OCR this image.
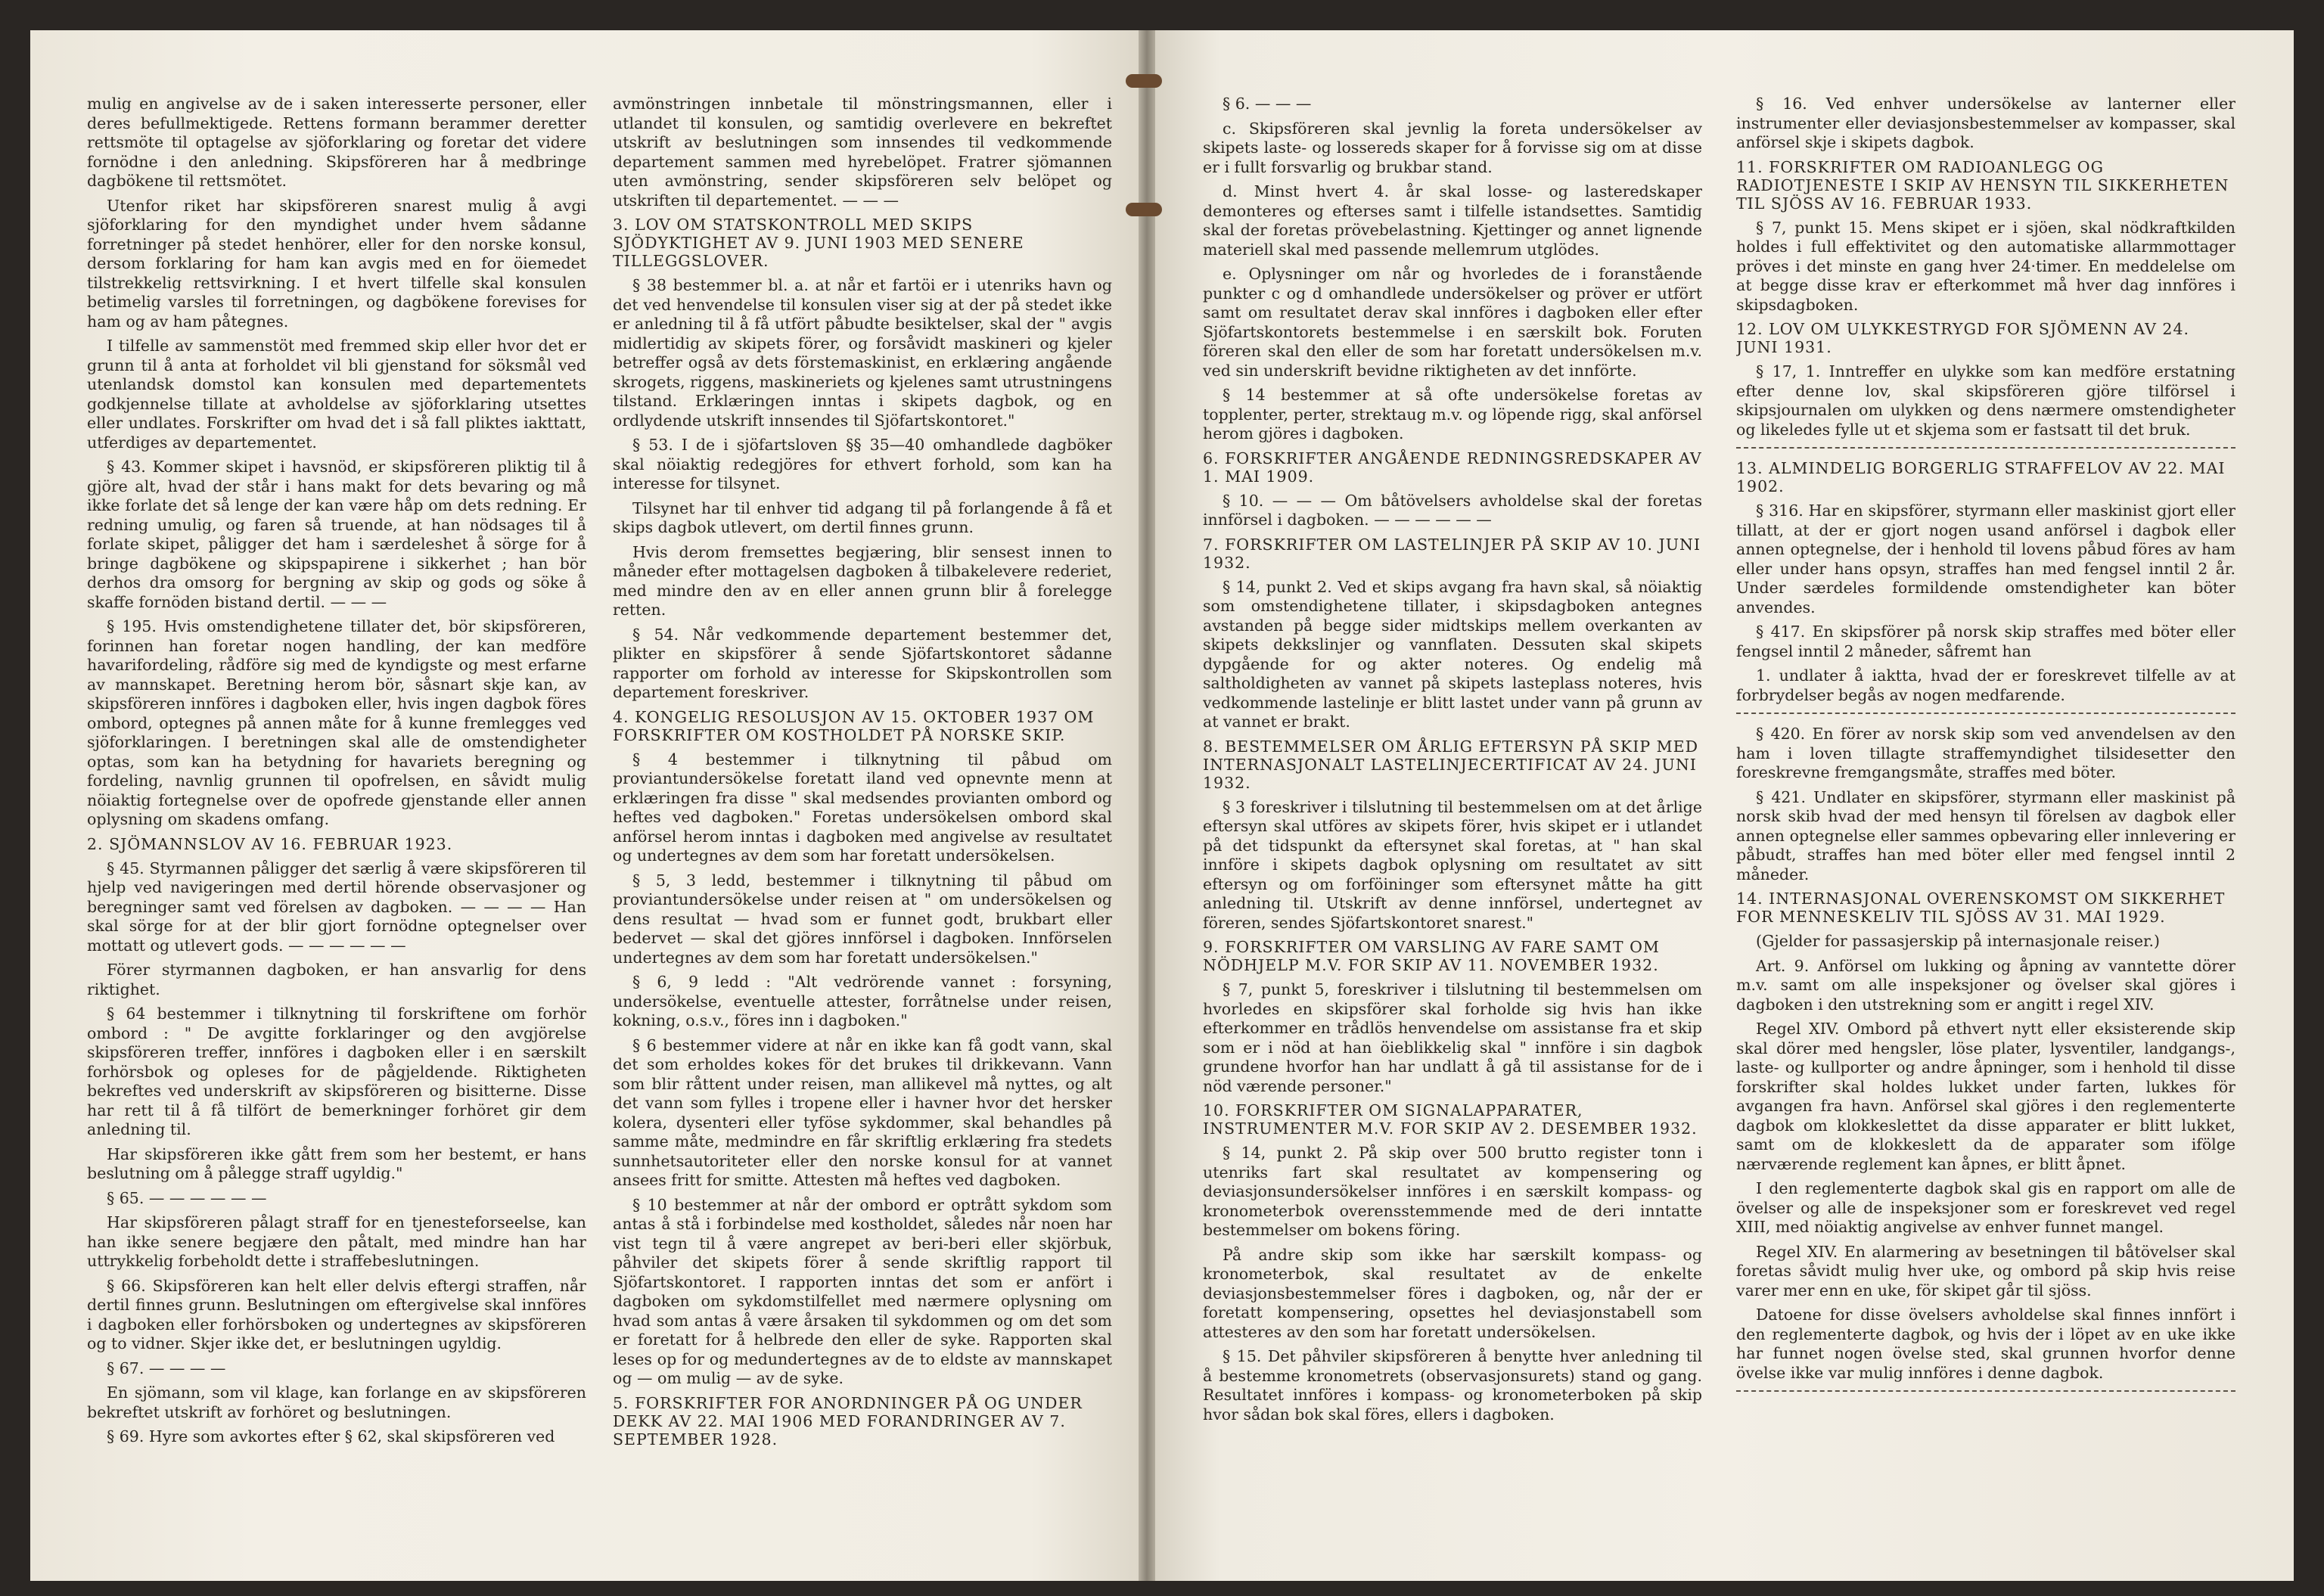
mulig en angivelse av de i saken interesserte personer, eller deres befullmektigede. Rettens formann berammer deretter rettsmöte til optagelse av sjöforklaring og foretar det videre fornödne i den anledning. Skipsföreren har å medbringe dagbökene til rettsmötet.

Utenfor riket har skipsföreren snarest mulig å avgi sjöforklaring for den myndighet under hvem sådanne forretninger på stedet henhörer, eller for den norske konsul, dersom forklaring for ham kan avgis med en for öiemedet tilstrekkelig rettsvirkning. I et hvert tilfelle skal konsulen betimelig varsles til forretningen, og dagbökene forevises for ham og av ham påtegnes.

I tilfelle av sammenstöt med fremmed skip eller hvor det er grunn til å anta at forholdet vil bli gjenstand for söksmål ved utenlandsk domstol kan konsulen med departementets godkjennelse tillate at avholdelse av sjöforklaring utsettes eller undlates. Forskrifter om hvad det i så fall pliktes iakttatt, utferdiges av departementet.

§ 43. Kommer skipet i havsnöd, er skipsföreren pliktig til å gjöre alt, hvad der står i hans makt for dets bevaring og må ikke forlate det så lenge der kan være håp om dets redning. Er redning umulig, og faren så truende, at han nödsages til å forlate skipet, påligger det ham i særdeleshet å sörge for å bringe dagbökene og skipspapirene i sikkerhet ; han bör derhos dra omsorg for bergning av skip og gods og söke å skaffe fornöden bistand dertil. — — —

§ 195. Hvis omstendighetene tillater det, bör skipsföreren, forinnen han foretar nogen handling, der kan medföre havarifordeling, rådföre sig med de kyndigste og mest erfarne av mannskapet. Beretning herom bör, såsnart skje kan, av skipsföreren innföres i dagboken eller, hvis ingen dagbok föres ombord, optegnes på annen måte for å kunne fremlegges ved sjöforklaringen. I beretningen skal alle de omstendigheter optas, som kan ha betydning for havariets beregning og fordeling, navnlig grunnen til opofrelsen, en såvidt mulig nöiaktig fortegnelse over de opofrede gjenstande eller annen oplysning om skadens omfang.

2. SJÖMANNSLOV AV 16. FEBRUAR 1923.

§ 45. Styrmannen påligger det særlig å være skipsföreren til hjelp ved navigeringen med dertil hörende observasjoner og beregninger samt ved förelsen av dagboken. — — — — Han skal sörge for at der blir gjort fornödne optegnelser over mottatt og utlevert gods. — — — — — —

Förer styrmannen dagboken, er han ansvarlig for dens riktighet.

§ 64 bestemmer i tilknytning til forskriftene om forhör ombord : " De avgitte forklaringer og den avgjörelse skipsföreren treffer, innföres i dagboken eller i en særskilt forhörsbok og opleses for de pågjeldende. Riktigheten bekreftes ved underskrift av skipsföreren og bisitterne. Disse har rett til å få tilfört de bemerkninger forhöret gir dem anledning til.

Har skipsföreren ikke gått frem som her bestemt, er hans beslutning om å pålegge straff ugyldig."

§ 65. — — — — — —

Har skipsföreren pålagt straff for en tjenesteforseelse, kan han ikke senere begjære den påtalt, med mindre han har uttrykkelig forbeholdt dette i straffebeslutningen.

§ 66. Skipsföreren kan helt eller delvis eftergi straffen, når dertil finnes grunn. Beslutningen om eftergivelse skal innföres i dagboken eller forhörsboken og undertegnes av skipsföreren og to vidner. Skjer ikke det, er beslutningen ugyldig.

§ 67. — — — —

En sjömann, som vil klage, kan forlange en av skipsföreren bekreftet utskrift av forhöret og beslutningen.

§ 69. Hyre som avkortes efter § 62, skal skipsföreren ved

avmönstringen innbetale til mönstringsmannen, eller i utlandet til konsulen, og samtidig overlevere en bekreftet utskrift av beslutningen som innsendes til vedkommende departement sammen med hyrebelöpet. Fratrer sjömannen uten avmönstring, sender skipsföreren selv belöpet og utskriften til departementet. — — —

3. LOV OM STATSKONTROLL MED SKIPS SJÖDYKTIGHET AV 9. JUNI 1903 MED SENERE TILLEGGSLOVER.

§ 38 bestemmer bl. a. at når et fartöi er i utenriks havn og det ved henvendelse til konsulen viser sig at der på stedet ikke er anledning til å få utfört påbudte besiktelser, skal der " avgis midlertidig av skipets förer, og forsåvidt maskineri og kjeler betreffer også av dets förstemaskinist, en erklæring angående skrogets, riggens, maskineriets og kjelenes samt utrustningens tilstand. Erklæringen inntas i skipets dagbok, og en ordlydende utskrift innsendes til Sjöfartskontoret."

§ 53. I de i sjöfartsloven §§ 35—40 omhandlede dagböker skal nöiaktig redegjöres for ethvert forhold, som kan ha interesse for tilsynet.

Tilsynet har til enhver tid adgang til på forlangende å få et skips dagbok utlevert, om dertil finnes grunn.

Hvis derom fremsettes begjæring, blir sensest innen to måneder efter mottagelsen dagboken å tilbakelevere rederiet, med mindre den av en eller annen grunn blir å forelegge retten.

§ 54. Når vedkommende departement bestemmer det, plikter en skipsförer å sende Sjöfartskontoret sådanne rapporter om forhold av interesse for Skipskontrollen som departement foreskriver.

4. KONGELIG RESOLUSJON AV 15. OKTOBER 1937 OM FORSKRIFTER OM KOSTHOLDET PÅ NORSKE SKIP.

§ 4 bestemmer i tilknytning til påbud om proviantundersökelse foretatt iland ved opnevnte menn at erklæringen fra disse " skal medsendes provianten ombord og heftes ved dagboken." Foretas undersökelsen ombord skal anförsel herom inntas i dagboken med angivelse av resultatet og undertegnes av dem som har foretatt undersökelsen.

§ 5, 3 ledd, bestemmer i tilknytning til påbud om proviantundersökelse under reisen at " om undersökelsen og dens resultat — hvad som er funnet godt, brukbart eller bedervet — skal det gjöres innförsel i dagboken. Innförselen undertegnes av dem som har foretatt undersökelsen."

§ 6, 9 ledd : "Alt vedrörende vannet : forsyning, undersökelse, eventuelle attester, forråtnelse under reisen, kokning, o.s.v., föres inn i dagboken."

§ 6 bestemmer videre at når en ikke kan få godt vann, skal det som erholdes kokes för det brukes til drikkevann. Vann som blir råttent under reisen, man allikevel må nyttes, og alt det vann som fylles i tropene eller i havner hvor det hersker kolera, dysenteri eller tyföse sykdommer, skal behandles på samme måte, medmindre en får skriftlig erklæring fra stedets sunnhetsautoriteter eller den norske konsul for at vannet ansees fritt for smitte. Attesten må heftes ved dagboken.

§ 10 bestemmer at når der ombord er optrått sykdom som antas å stå i forbindelse med kostholdet, således når noen har vist tegn til å være angrepet av beri-beri eller skjörbuk, påhviler det skipets förer å sende skriftlig rapport til Sjöfartskontoret. I rapporten inntas det som er anfört i dagboken om sykdomstilfellet med nærmere oplysning om hvad som antas å være årsaken til sykdommen og om det som er foretatt for å helbrede den eller de syke. Rapporten skal leses op for og medundertegnes av de to eldste av mannskapet og — om mulig — av de syke.

5. FORSKRIFTER FOR ANORDNINGER PÅ OG UNDER DEKK AV 22. MAI 1906 MED FORANDRINGER AV 7. SEPTEMBER 1928.

§ 6. — — —

c. Skipsföreren skal jevnlig la foreta undersökelser av skipets laste- og lossereds skaper for å forvisse sig om at disse er i fullt forsvarlig og brukbar stand.

d. Minst hvert 4. år skal losse- og lasteredskaper demonteres og efterses samt i tilfelle istandsettes. Samtidig skal der foretas prövebelastning. Kjettinger og annet lignende materiell skal med passende mellemrum utglödes.

e. Oplysninger om når og hvorledes de i foranstående punkter c og d omhandlede undersökelser og pröver er utfört samt om resultatet derav skal innföres i dagboken eller efter Sjöfartskontorets bestemmelse i en særskilt bok. Foruten föreren skal den eller de som har foretatt undersökelsen m.v. ved sin underskrift bevidne riktigheten av det innförte.

§ 14 bestemmer at så ofte undersökelse foretas av topplenter, perter, strektaug m.v. og löpende rigg, skal anförsel herom gjöres i dagboken.

6. FORSKRIFTER ANGÅENDE REDNINGSREDSKAPER AV 1. MAI 1909.

§ 10. — — — Om båtövelsers avholdelse skal der foretas innförsel i dagboken. — — — — — —

7. FORSKRIFTER OM LASTELINJER PÅ SKIP AV 10. JUNI 1932.

§ 14, punkt 2. Ved et skips avgang fra havn skal, så nöiaktig som omstendighetene tillater, i skipsdagboken antegnes avstanden på begge sider midtskips mellem overkanten av skipets dekkslinjer og vannflaten. Dessuten skal skipets dypgående for og akter noteres. Og endelig må saltholdigheten av vannet på skipets lasteplass noteres, hvis vedkommende lastelinje er blitt lastet under vann på grunn av at vannet er brakt.

8. BESTEMMELSER OM ÅRLIG EFTERSYN PÅ SKIP MED INTERNASJONALT LASTELINJECERTIFICAT AV 24. JUNI 1932.

§ 3 foreskriver i tilslutning til bestemmelsen om at det årlige eftersyn skal utföres av skipets förer, hvis skipet er i utlandet på det tidspunkt da eftersynet skal foretas, at " han skal innföre i skipets dagbok oplysning om resultatet av sitt eftersyn og om forföininger som eftersynet måtte ha gitt anledning til. Utskrift av denne innförsel, undertegnet av föreren, sendes Sjöfartskontoret snarest."

9. FORSKRIFTER OM VARSLING AV FARE SAMT OM NÖDHJELP M.V. FOR SKIP AV 11. NOVEMBER 1932.

§ 7, punkt 5, foreskriver i tilslutning til bestemmelsen om hvorledes en skipsförer skal forholde sig hvis han ikke efterkommer en trådlös henvendelse om assistanse fra et skip som er i nöd at han öieblikkelig skal " innföre i sin dagbok grundene hvorfor han har undlatt å gå til assistanse for de i nöd værende personer."

10. FORSKRIFTER OM SIGNALAPPARATER, INSTRUMENTER M.V. FOR SKIP AV 2. DESEMBER 1932.

§ 14, punkt 2. På skip over 500 brutto register tonn i utenriks fart skal resultatet av kompensering og deviasjonsundersökelser innföres i en særskilt kompass- og kronometerbok overensstemmende med de deri inntatte bestemmelser om bokens föring.

På andre skip som ikke har særskilt kompass- og kronometerbok, skal resultatet av de enkelte deviasjonsbestemmelser föres i dagboken, og, når der er foretatt kompensering, opsettes hel deviasjonstabell som attesteres av den som har foretatt undersökelsen.

§ 15. Det påhviler skipsföreren å benytte hver anledning til å bestemme kronometrets (observasjonsurets) stand og gang. Resultatet innföres i kompass- og kronometerboken på skip hvor sådan bok skal föres, ellers i dagboken.

§ 16. Ved enhver undersökelse av lanterner eller instrumenter eller deviasjonsbestemmelser av kompasser, skal anförsel skje i skipets dagbok.

11. FORSKRIFTER OM RADIOANLEGG OG RADIOTJENESTE I SKIP AV HENSYN TIL SIKKERHETEN TIL SJÖSS AV 16. FEBRUAR 1933.

§ 7, punkt 15. Mens skipet er i sjöen, skal nödkraftkilden holdes i full effektivitet og den automatiske allarmmottager pröves i det minste en gang hver 24·timer. En meddelelse om at begge disse krav er efterkommet må hver dag innföres i skipsdagboken.

12. LOV OM ULYKKESTRYGD FOR SJÖMENN AV 24. JUNI 1931.

§ 17, 1. Inntreffer en ulykke som kan medföre erstatning efter denne lov, skal skipsföreren gjöre tilförsel i skipsjournalen om ulykken og dens nærmere omstendigheter og likeledes fylle ut et skjema som er fastsatt til det bruk.

13. ALMINDELIG BORGERLIG STRAFFELOV AV 22. MAI 1902.

§ 316. Har en skipsförer, styrmann eller maskinist gjort eller tillatt, at der er gjort nogen usand anförsel i dagbok eller annen optegnelse, der i henhold til lovens påbud föres av ham eller under hans opsyn, straffes han med fengsel inntil 2 år. Under særdeles formildende omstendigheter kan böter anvendes.

§ 417. En skipsförer på norsk skip straffes med böter eller fengsel inntil 2 måneder, såfremt han

1. undlater å iaktta, hvad der er foreskrevet tilfelle av at forbrydelser begås av nogen medfarende.

§ 420. En förer av norsk skip som ved anvendelsen av den ham i loven tillagte straffemyndighet tilsidesetter den foreskrevne fremgangsmåte, straffes med böter.

§ 421. Undlater en skipsförer, styrmann eller maskinist på norsk skib hvad der med hensyn til förelsen av dagbok eller annen optegnelse eller sammes opbevaring eller innlevering er påbudt, straffes han med böter eller med fengsel inntil 2 måneder.

14. INTERNASJONAL OVERENSKOMST OM SIKKERHET FOR MENNESKELIV TIL SJÖSS AV 31. MAI 1929.

(Gjelder for passasjerskip på internasjonale reiser.)

Art. 9. Anförsel om lukking og åpning av vanntette dörer m.v. samt om alle inspeksjoner og övelser skal gjöres i dagboken i den utstrekning som er angitt i regel XIV.

Regel XIV. Ombord på ethvert nytt eller eksisterende skip skal dörer med hengsler, löse plater, lysventiler, landgangs-, laste- og kullporter og andre åpninger, som i henhold til disse forskrifter skal holdes lukket under farten, lukkes för avgangen fra havn. Anförsel skal gjöres i den reglementerte dagbok om klokkeslettet da disse apparater er blitt lukket, samt om de klokkeslett da de apparater som ifölge nærværende reglement kan åpnes, er blitt åpnet.

I den reglementerte dagbok skal gis en rapport om alle de övelser og alle de inspeksjoner som er foreskrevet ved regel XIII, med nöiaktig angivelse av enhver funnet mangel.

Regel XIV. En alarmering av besetningen til båtövelser skal foretas såvidt mulig hver uke, og ombord på skip hvis reise varer mer enn en uke, för skipet går til sjöss.

Datoene for disse övelsers avholdelse skal finnes innfört i den reglementerte dagbok, og hvis der i löpet av en uke ikke har funnet nogen övelse sted, skal grunnen hvorfor denne övelse ikke var mulig innföres i denne dagbok.
